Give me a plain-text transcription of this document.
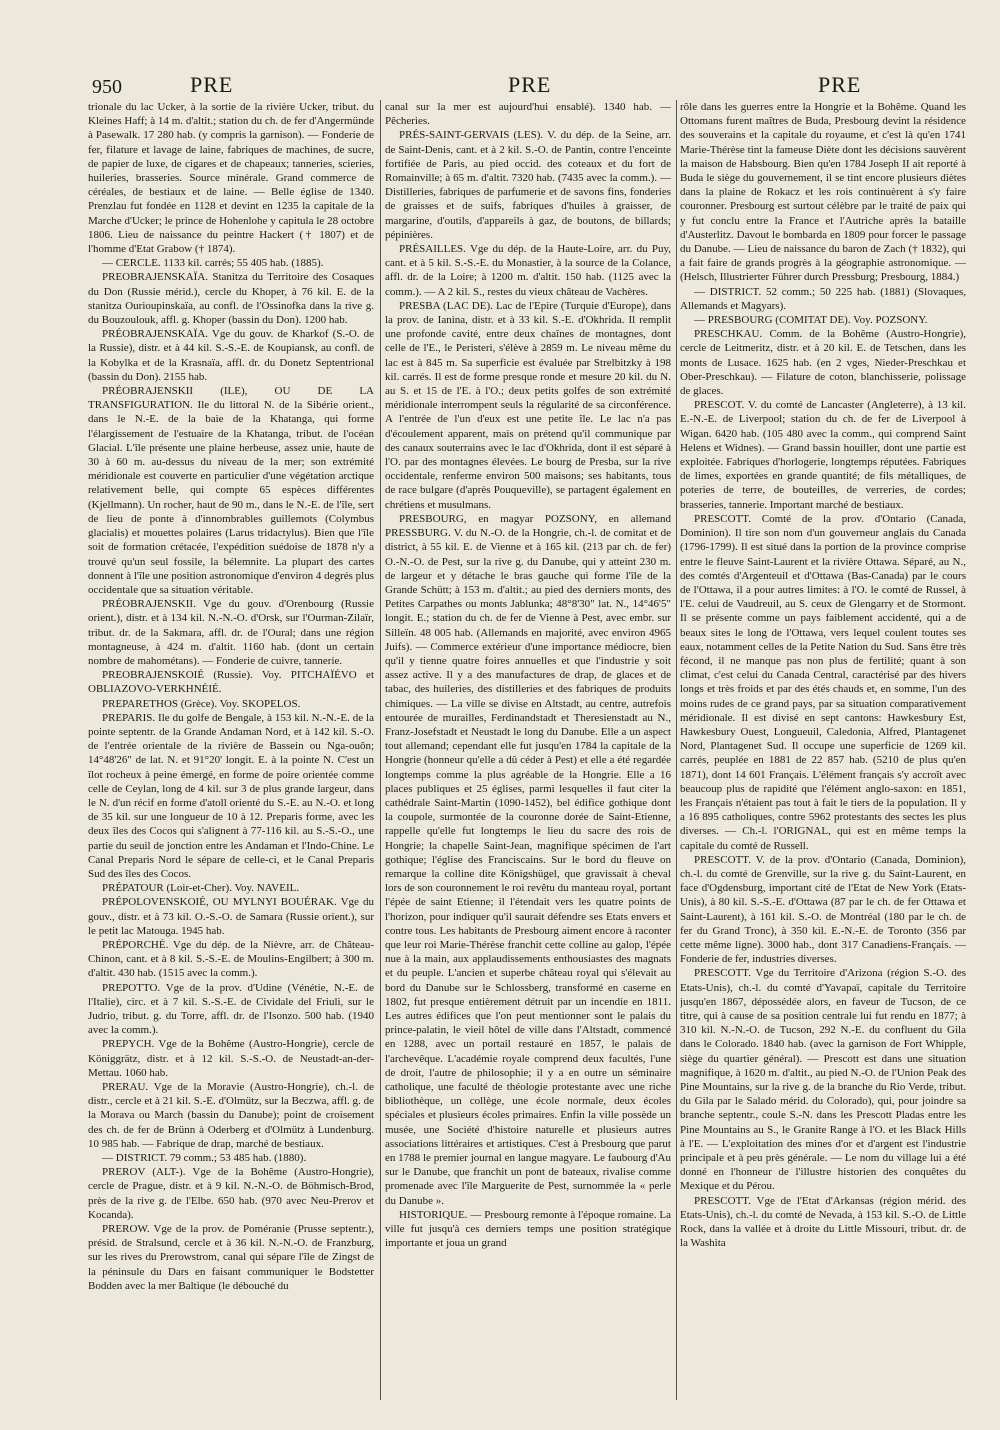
950	PRE	PRE	PRE

trionale du lac Ucker, à la sortie de la rivière Ucker, tribut. du Kleines Haff; à 14 m. d'altit.; station du ch. de fer d'Angermünde à Pasewalk. 17 280 hab. (y compris la garnison). — Fonderie de fer, filature et lavage de laine, fabriques de machines, de sucre, de papier de luxe, de cigares et de chapeaux; tanneries, scieries, huileries, brasseries. Source minérale. Grand commerce de céréales, de bestiaux et de laine. — Belle église de 1340. Prenzlau fut fondée en 1128 et devint en 1235 la capitale de la Marche d'Ucker; le prince de Hohenlohe y capitula le 28 octobre 1806. Lieu de naissance du peintre Hackert († 1807) et de l'homme d'Etat Grabow († 1874).

— CERCLE. 1133 kil. carrés; 55 405 hab. (1885).

PREOBRAJENSKAÏA. Stanitza du Territoire des Cosaques du Don (Russie mérid.), cercle du Khoper, à 76 kil. E. de la stanitza Ourioupinskaïa, au confl. de l'Ossinofka dans la rive g. du Bouzoulouk, affl. g. Khoper (bassin du Don). 1200 hab.

PRÉOBRAJENSKAÏA. Vge du gouv. de Kharkof (S.-O. de la Russie), distr. et à 44 kil. S.-S.-E. de Koupiansk, au confl. de la Kobylka et de la Krasnaïa, affl. dr. du Donetz Septentrional (bassin du Don). 2155 hab.

PRÉOBRAJENSKII (ILE), OU DE LA TRANSFIGURATION. Ile du littoral N. de la Sibérie orient., dans le N.-E. de la baie de la Khatanga, qui forme l'élargissement de l'estuaire de la Khatanga, tribut. de l'océan Glacial. L'île présente une plaine herbeuse, assez unie, haute de 30 à 60 m. au-dessus du niveau de la mer; son extrémité méridionale est couverte en particulier d'une végétation arctique relativement belle, qui compte 65 espèces différentes (Kjellmann). Un rocher, haut de 90 m., dans le N.-E. de l'île, sert de lieu de ponte à d'innombrables guillemots (Colymbus glacialis) et mouettes polaires (Larus tridactylus). Bien que l'île soit de formation crétacée, l'expédition suédoise de 1878 n'y a trouvé qu'un seul fossile, la bélemnite. La plupart des cartes donnent à l'île une position astronomique d'environ 4 degrés plus occidentale que sa situation véritable.

PRÉOBRAJENSKII. Vge du gouv. d'Orenbourg (Russie orient.), distr. et à 134 kil. N.-N.-O. d'Orsk, sur l'Ourman-Zilaïr, tribut. dr. de la Sakmara, affl. dr. de l'Oural; dans une région montagneuse, à 424 m. d'altit. 1160 hab. (dont un certain nombre de mahométans). — Fonderie de cuivre, tannerie.

PREOBRAJENSKOIÉ (Russie). Voy. PITCHAÏÉVO et OBLIAZOVO-VERKHNÉIÉ.

PREPARETHOS (Grèce). Voy. SKOPELOS.

PREPARIS. Ile du golfe de Bengale, à 153 kil. N.-N.-E. de la pointe septentr. de la Grande Andaman Nord, et à 142 kil. S.-O. de l'entrée orientale de la rivière de Bassein ou Nga-ouôn; 14°48'26" de lat. N. et 91°20' longit. E. à la pointe N. C'est un îlot rocheux à peine émergé, en forme de poire orientée comme celle de Ceylan, long de 4 kil. sur 3 de plus grande largeur, dans le N. d'un récif en forme d'atoll orienté du S.-E. au N.-O. et long de 35 kil. sur une longueur de 10 à 12. Preparis forme, avec les deux îles des Cocos qui s'alignent à 77-116 kil. au S.-S.-O., une partie du seuil de jonction entre les Andaman et l'Indo-Chine. Le Canal Preparis Nord le sépare de celle-ci, et le Canal Preparis Sud des îles des Cocos.

PRÉPATOUR (Loir-et-Cher). Voy. NAVEIL.

PRÉPOLOVENSKOIÉ, OU MYLNYI BOUÉRAK. Vge du gouv., distr. et à 73 kil. O.-S.-O. de Samara (Russie orient.), sur le petit lac Matouga. 1945 hab.

PRÉPORCHÉ. Vge du dép. de la Nièvre, arr. de Château-Chinon, cant. et à 8 kil. S.-S.-E. de Moulins-Engilbert; à 300 m. d'altit. 430 hab. (1515 avec la comm.).

PREPOTTO. Vge de la prov. d'Udine (Vénétie, N.-E. de l'Italie), circ. et à 7 kil. S.-S.-E. de Cividale del Friuli, sur le Judrio, tribut. g. du Torre, affl. dr. de l'Isonzo. 500 hab. (1940 avec la comm.).

PREPYCH. Vge de la Bohême (Austro-Hongrie), cercle de Königgrätz, distr. et à 12 kil. S.-S.-O. de Neustadt-an-der-Mettau. 1060 hab.

PRERAU. Vge de la Moravie (Austro-Hongrie), ch.-l. de distr., cercle et à 21 kil. S.-E. d'Olmütz, sur la Beczwa, affl. g. de la Morava ou March (bassin du Danube); point de croisement des ch. de fer de Brünn à Oderberg et d'Olmütz à Lundenburg. 10 985 hab. — Fabrique de drap, marché de bestiaux.

— DISTRICT. 79 comm.; 53 485 hab. (1880).

PREROV (ALT-). Vge de la Bohême (Austro-Hongrie), cercle de Prague, distr. et à 9 kil. N.-N.-O. de Böhmisch-Brod, près de la rive g. de l'Elbe. 650 hab. (970 avec Neu-Prerov et Kocanda).

PREROW. Vge de la prov. de Poméranie (Prusse septentr.), présid. de Stralsund, cercle et à 36 kil. N.-N.-O. de Franzburg, sur les rives du Prerowstrom, canal qui sépare l'île de Zingst de la péninsule du Dars en faisant communiquer le Bodstetter Bodden avec la mer Baltique (le débouché du

canal sur la mer est aujourd'hui ensablé). 1340 hab. — Pêcheries.

PRÉS-SAINT-GERVAIS (LES). V. du dép. de la Seine, arr. de Saint-Denis, cant. et à 2 kil. S.-O. de Pantin, contre l'enceinte fortifiée de Paris, au pied occid. des coteaux et du fort de Romainville; à 65 m. d'altit. 7320 hab. (7435 avec la comm.). — Distilleries, fabriques de parfumerie et de savons fins, fonderies de graisses et de suifs, fabriques d'huiles à graisser, de margarine, d'outils, d'appareils à gaz, de boutons, de billards; pépinières.

PRÉSAILLES. Vge du dép. de la Haute-Loire, arr. du Puy, cant. et à 5 kil. S.-S.-E. du Monastier, à la source de la Colance, affl. dr. de la Loire; à 1200 m. d'altit. 150 hab. (1125 avec la comm.). — A 2 kil. S., restes du vieux château de Vachères.

PRESBA (LAC DE). Lac de l'Epire (Turquie d'Europe), dans la prov. de Ianina, distr. et à 33 kil. S.-E. d'Okhrida. Il remplit une profonde cavité, entre deux chaînes de montagnes, dont celle de l'E., le Peristeri, s'élève à 2859 m. Le niveau même du lac est à 845 m. Sa superficie est évaluée par Strelbitzky à 198 kil. carrés. Il est de forme presque ronde et mesure 20 kil. du N. au S. et 15 de l'E. à l'O.; deux petits golfes de son extrémité méridionale interrompent seuls la régularité de sa circonférence. A l'entrée de l'un d'eux est une petite île. Le lac n'a pas d'écoulement apparent, mais on prétend qu'il communique par des canaux souterrains avec le lac d'Okhrida, dont il est séparé à l'O. par des montagnes élevées. Le bourg de Presba, sur la rive occidentale, renferme environ 500 maisons; ses habitants, tous de race bulgare (d'après Pouqueville), se partagent également en chrétiens et musulmans.

PRESBOURG, en magyar POZSONY, en allemand PRESSBURG. V. du N.-O. de la Hongrie, ch.-l. de comitat et de district, à 55 kil. E. de Vienne et à 165 kil. (213 par ch. de fer) O.-N.-O. de Pest, sur la rive g. du Danube, qui y atteint 230 m. de largeur et y détache le bras gauche qui forme l'île de la Grande Schütt; à 153 m. d'altit.; au pied des derniers monts, des Petites Carpathes ou monts Jablunka; 48°8'30" lat. N., 14°46'5" longit. E.; station du ch. de fer de Vienne à Pest, avec embr. sur Silleïn. 48 005 hab. (Allemands en majorité, avec environ 4965 Juifs). — Commerce extérieur d'une importance médiocre, bien qu'il y tienne quatre foires annuelles et que l'industrie y soit assez active. Il y a des manufactures de drap, de glaces et de tabac, des huileries, des distilleries et des fabriques de produits chimiques. — La ville se divise en Altstadt, au centre, autrefois entourée de murailles, Ferdinandstadt et Theresienstadt au N., Franz-Josefstadt et Neustadt le long du Danube. Elle a un aspect tout allemand; cependant elle fut jusqu'en 1784 la capitale de la Hongrie (honneur qu'elle a dû céder à Pest) et elle a été regardée longtemps comme la plus agréable de la Hongrie. Elle a 16 places publiques et 25 églises, parmi lesquelles il faut citer la cathédrale Saint-Martin (1090-1452), bel édifice gothique dont la coupole, surmontée de la couronne dorée de Saint-Etienne, rappelle qu'elle fut longtemps le lieu du sacre des rois de Hongrie; la chapelle Saint-Jean, magnifique spécimen de l'art gothique; l'église des Franciscains. Sur le bord du fleuve on remarque la colline dite Königshügel, que gravissait à cheval lors de son couronnement le roi revêtu du manteau royal, portant l'épée de saint Etienne; il l'étendait vers les quatre points de l'horizon, pour indiquer qu'il saurait défendre ses Etats envers et contre tous. Les habitants de Presbourg aiment encore à raconter que leur roi Marie-Thérèse franchit cette colline au galop, l'épée nue à la main, aux applaudissements enthousiastes des magnats et du peuple. L'ancien et superbe château royal qui s'élevait au bord du Danube sur le Schlossberg, transformé en caserne en 1802, fut presque entièrement détruit par un incendie en 1811. Les autres édifices que l'on peut mentionner sont le palais du prince-palatin, le vieil hôtel de ville dans l'Altstadt, commencé en 1288, avec un portail restauré en 1857, le palais de l'archevêque. L'académie royale comprend deux facultés, l'une de droit, l'autre de philosophie; il y a en outre un séminaire catholique, une faculté de théologie protestante avec une riche bibliothèque, un collège, une école normale, deux écoles spéciales et plusieurs écoles primaires. Enfin la ville possède un musée, une Société d'histoire naturelle et plusieurs autres associations littéraires et artistiques. C'est à Presbourg que parut en 1788 le premier journal en langue magyare. Le faubourg d'Au sur le Danube, que franchit un pont de bateaux, rivalise comme promenade avec l'île Marguerite de Pest, surnommée la « perle du Danube ».

HISTORIQUE. — Presbourg remonte à l'époque romaine. La ville fut jusqu'à ces derniers temps une position stratégique importante et joua un grand

rôle dans les guerres entre la Hongrie et la Bohême. Quand les Ottomans furent maîtres de Buda, Presbourg devint la résidence des souverains et la capitale du royaume, et c'est là qu'en 1741 Marie-Thérèse tint la fameuse Diète dont les décisions sauvèrent la maison de Habsbourg. Bien qu'en 1784 Joseph II ait reporté à Buda le siège du gouvernement, il se tint encore plusieurs diètes dans la plaine de Rokacz et les rois continuèrent à s'y faire couronner. Presbourg est surtout célèbre par le traité de paix qui y fut conclu entre la France et l'Autriche après la bataille d'Austerlitz. Davout le bombarda en 1809 pour forcer le passage du Danube. — Lieu de naissance du baron de Zach († 1832), qui a fait faire de grands progrès à la géographie astronomique. — (Helsch, Illustrierter Führer durch Pressburg; Presbourg, 1884.)

— DISTRICT. 52 comm.; 50 225 hab. (1881) (Slovaques, Allemands et Magyars).

— PRESBOURG (COMITAT DE). Voy. POZSONY.

PRESCHKAU. Comm. de la Bohême (Austro-Hongrie), cercle de Leitmeritz, distr. et à 20 kil. E. de Tetschen, dans les monts de Lusace. 1625 hab. (en 2 vges, Nieder-Preschkau et Ober-Preschkau). — Filature de coton, blanchisserie, polissage de glaces.

PRESCOT. V. du comté de Lancaster (Angleterre), à 13 kil. E.-N.-E. de Liverpool; station du ch. de fer de Liverpool à Wigan. 6420 hab. (105 480 avec la comm., qui comprend Saint Helens et Widnes). — Grand bassin houiller, dont une partie est exploitée. Fabriques d'horlogerie, longtemps réputées. Fabriques de limes, exportées en grande quantité; de fils métalliques, de poteries de terre, de bouteilles, de verreries, de cordes; brasseries, tannerie. Important marché de bestiaux.

PRESCOTT. Comté de la prov. d'Ontario (Canada, Dominion). Il tire son nom d'un gouverneur anglais du Canada (1796-1799). Il est situé dans la portion de la province comprise entre le fleuve Saint-Laurent et la rivière Ottawa. Séparé, au N., des comtés d'Argenteuil et d'Ottawa (Bas-Canada) par le cours de l'Ottawa, il a pour autres limites: à l'O. le comté de Russel, à l'E. celui de Vaudreuil, au S. ceux de Glengarry et de Stormont. Il se présente comme un pays faiblement accidenté, qui a de beaux sites le long de l'Ottawa, vers lequel coulent toutes ses eaux, notamment celles de la Petite Nation du Sud. Sans être très fécond, il ne manque pas non plus de fertilité; quant à son climat, c'est celui du Canada Central, caractérisé par des hivers longs et très froids et par des étés chauds et, en somme, l'un des moins rudes de ce grand pays, par sa situation comparativement méridionale. Il est divisé en sept cantons: Hawkesbury Est, Hawkesbury Ouest, Longueuil, Caledonia, Alfred, Plantagenet Nord, Plantagenet Sud. Il occupe une superficie de 1269 kil. carrés, peuplée en 1881 de 22 857 hab. (5210 de plus qu'en 1871), dont 14 601 Français. L'élément français s'y accroît avec beaucoup plus de rapidité que l'élément anglo-saxon: en 1851, les Français n'étaient pas tout à fait le tiers de la population. Il y a 16 895 catholiques, contre 5962 protestants des sectes les plus diverses. — Ch.-l. l'ORIGNAL, qui est en même temps la capitale du comté de Russell.

PRESCOTT. V. de la prov. d'Ontario (Canada, Dominion), ch.-l. du comté de Grenville, sur la rive g. du Saint-Laurent, en face d'Ogdensburg, important cité de l'Etat de New York (Etats-Unis), à 80 kil. S.-S.-E. d'Ottawa (87 par le ch. de fer Ottawa et Saint-Laurent), à 161 kil. S.-O. de Montréal (180 par le ch. de fer du Grand Tronc), à 350 kil. E.-N.-E. de Toronto (356 par cette même ligne). 3000 hab., dont 317 Canadiens-Français. — Fonderie de fer, industries diverses.

PRESCOTT. Vge du Territoire d'Arizona (région S.-O. des Etats-Unis), ch.-l. du comté d'Yavapaï, capitale du Territoire jusqu'en 1867, dépossédée alors, en faveur de Tucson, de ce titre, qui à cause de sa position centrale lui fut rendu en 1877; à 310 kil. N.-N.-O. de Tucson, 292 N.-E. du confluent du Gila dans le Colorado. 1840 hab. (avec la garnison de Fort Whipple, siège du quartier général). — Prescott est dans une situation magnifique, à 1620 m. d'altit., au pied N.-O. de l'Union Peak des Pine Mountains, sur la rive g. de la branche du Rio Verde, tribut. du Gila par le Salado mérid. du Colorado), qui, pour joindre sa branche septentr., coule S.-N. dans les Prescott Pladas entre les Pine Mountains au S., le Granite Range à l'O. et les Black Hills à l'E. — L'exploitation des mines d'or et d'argent est l'industrie principale et à peu près générale. — Le nom du village lui a été donné en l'honneur de l'illustre historien des conquêtes du Mexique et du Pérou.

PRESCOTT. Vge de l'Etat d'Arkansas (région mérid. des Etats-Unis), ch.-l. du comté de Nevada, à 153 kil. S.-O. de Little Rock, dans la vallée et à droite du Little Missouri, tribut. dr. de la Washita
